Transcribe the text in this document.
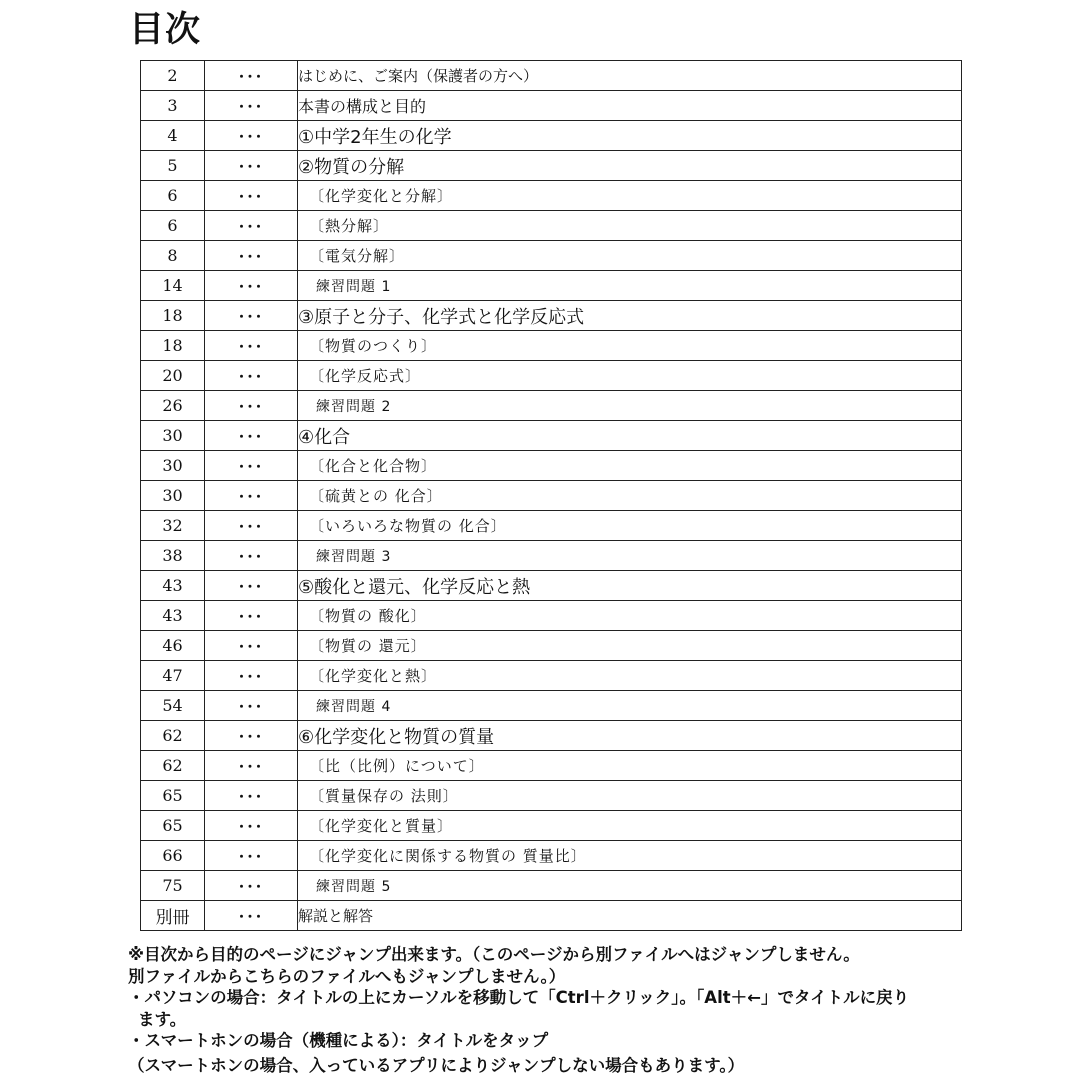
目次
2	･･･	はじめに、ご案内（保護者の方へ）
3	･･･	本書の構成と目的
4	･･･	①中学2年生の化学
5	･･･	②物質の分解
6	･･･	〔化学変化と分解〕
6	･･･	〔熱分解〕
8	･･･	〔電気分解〕
14	･･･	練習問題 1
18	･･･	③原子と分子、化学式と化学反応式
18	･･･	〔物質のつくり〕
20	･･･	〔化学反応式〕
26	･･･	練習問題 2
30	･･･	④化合
30	･･･	〔化合と化合物〕
30	･･･	〔硫黄との 化合〕
32	･･･	〔いろいろな物質の 化合〕
38	･･･	練習問題 3
43	･･･	⑤酸化と還元、化学反応と熱
43	･･･	〔物質の 酸化〕
46	･･･	〔物質の 還元〕
47	･･･	〔化学変化と熱〕
54	･･･	練習問題 4
62	･･･	⑥化学変化と物質の質量
62	･･･	〔比（比例）について〕
65	･･･	〔質量保存の 法則〕
65	･･･	〔化学変化と質量〕
66	･･･	〔化学変化に関係する物質の 質量比〕
75	･･･	練習問題 5
別冊	･･･	解説と解答
※目次から目的のページにジャンプ出来ます。（このページから別ファイルへはジャンプしません。
別ファイルからこちらのファイルへもジャンプしません。）
・パソコンの場合：タイトルの上にカーソルを移動して「Ctrl＋クリック」。「Alt＋←」でタイトルに戻り
ます。
・スマートホンの場合（機種による）：タイトルをタップ
（スマートホンの場合、入っているアプリによりジャンプしない場合もあります。）
